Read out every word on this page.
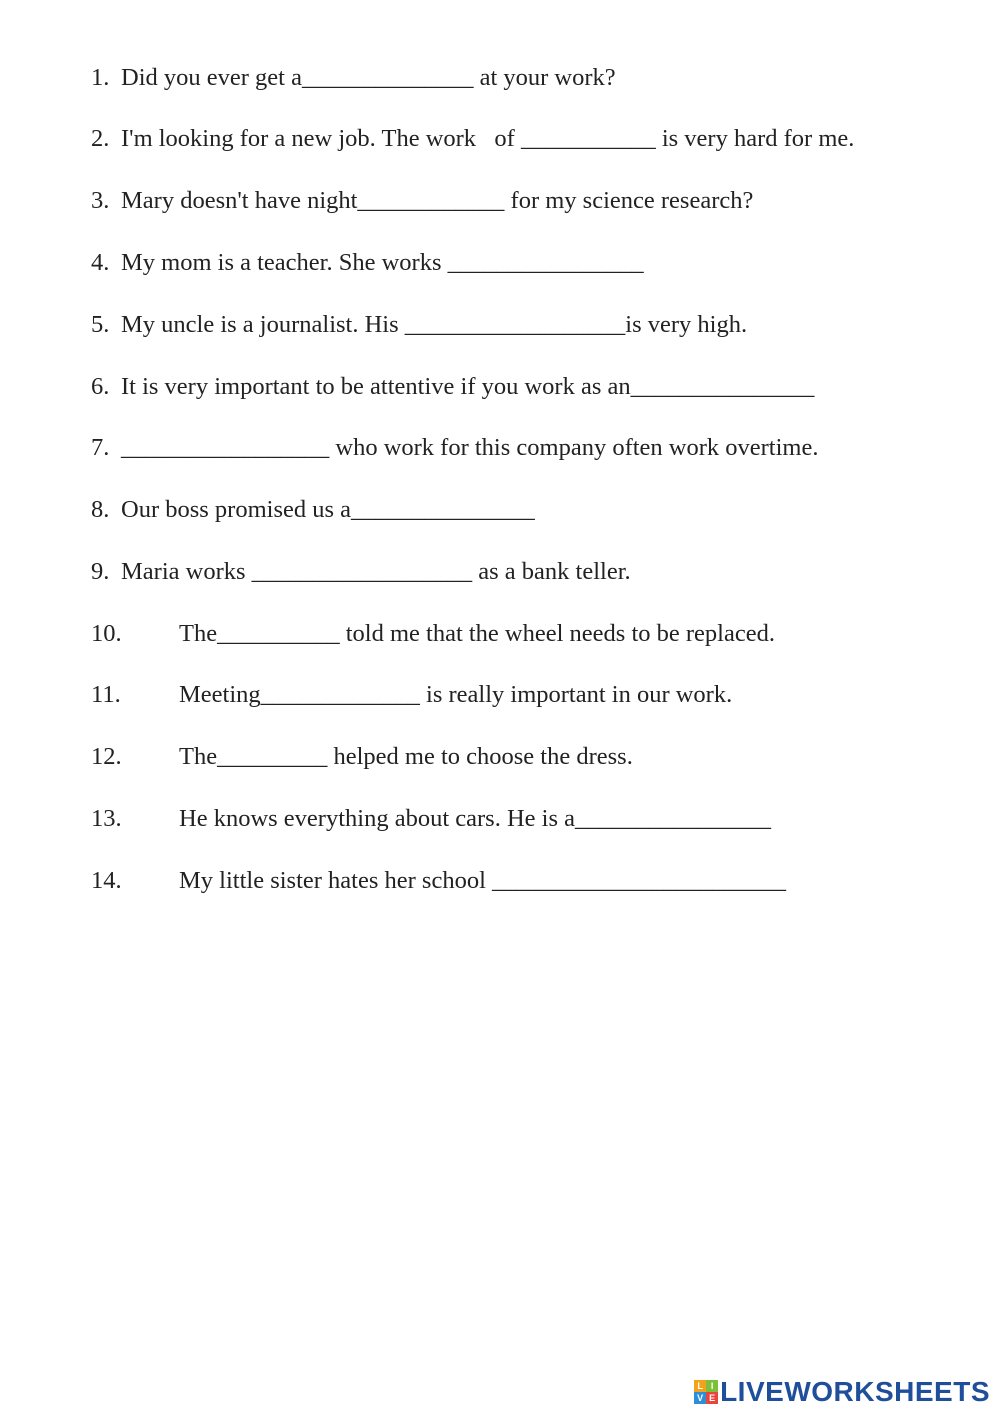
1. Did you ever get a______________ at your work?
2. I'm looking for a new job. The work   of ___________ is very hard for me.
3. Mary doesn't have night____________ for my science research?
4. My mom is a teacher. She works ________________
5. My uncle is a journalist. His __________________is very high.
6. It is very important to be attentive if you work as an_______________
7. _________________ who work for this company often work overtime.
8. Our boss promised us a_______________
9. Maria works __________________ as a bank teller.
10. The__________ told me that the wheel needs to be replaced.
11. Meeting_____________ is really important in our work.
12. The_________ helped me to choose the dress.
13. He knows everything about cars. He is a________________
14. My little sister hates her school ________________________
L I
V E LIVEWORKSHEETS
